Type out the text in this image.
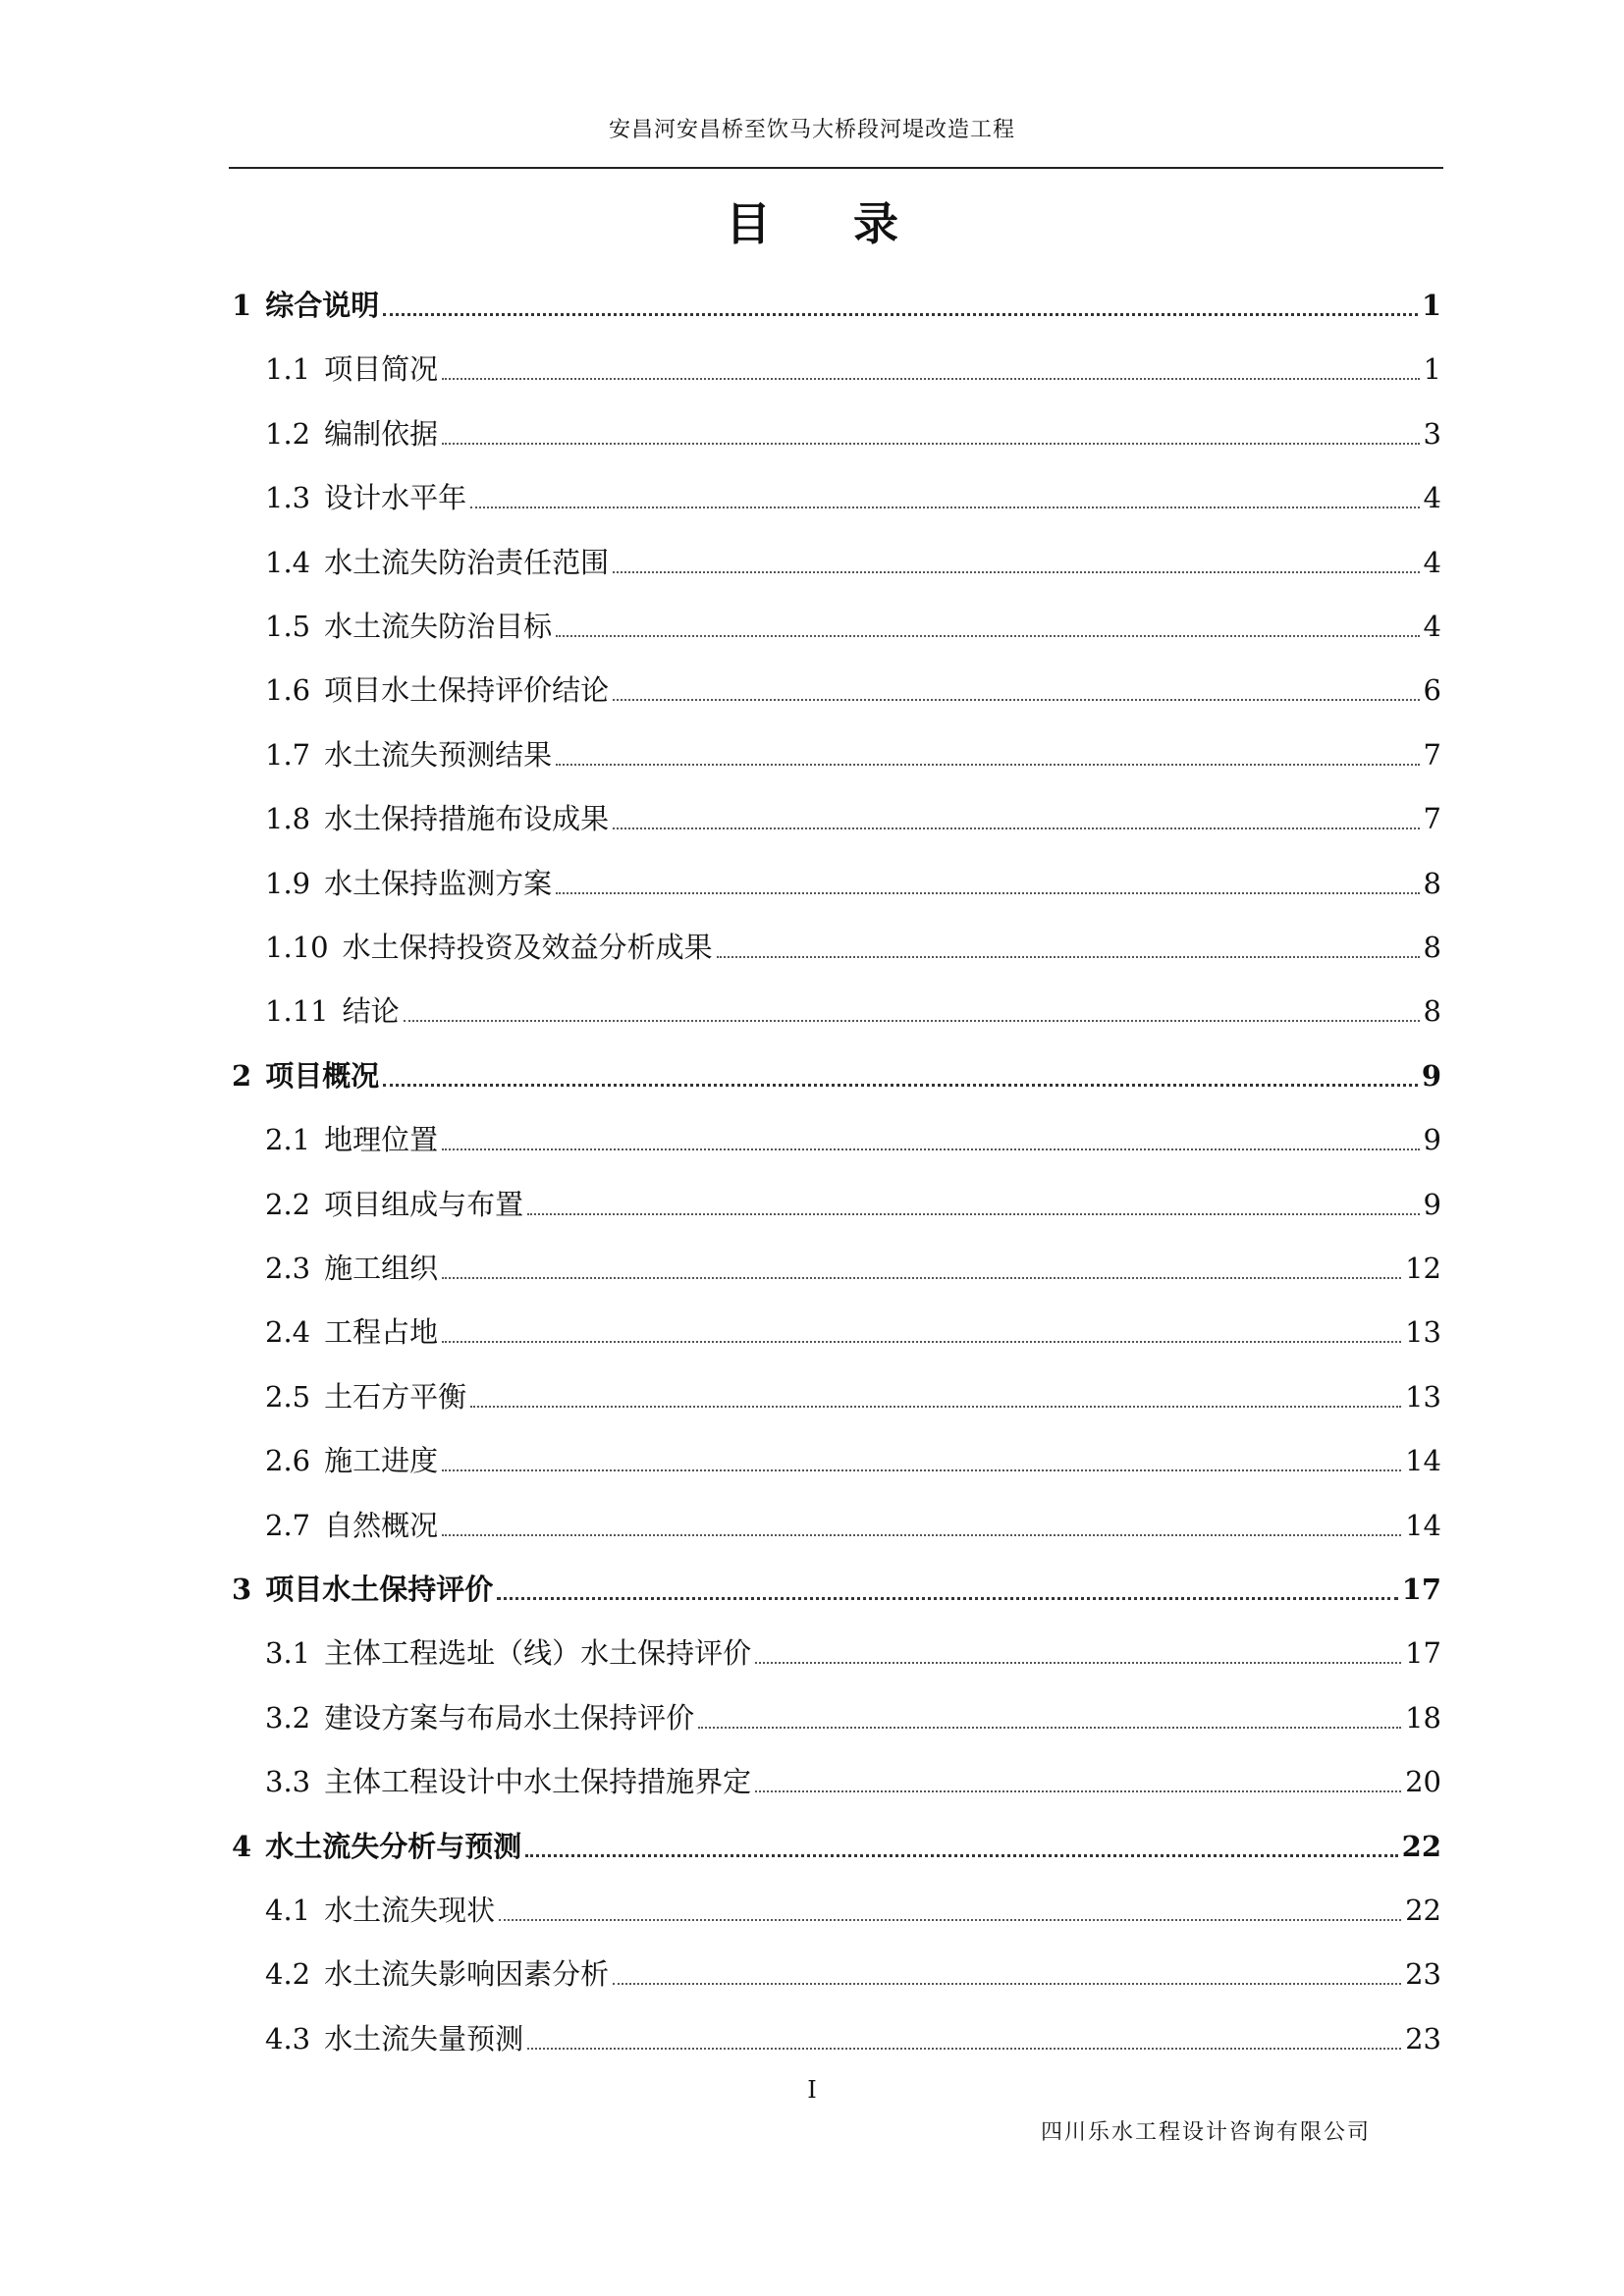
安昌河安昌桥至饮马大桥段河堤改造工程
目录
1 综合说明	1
1.1 项目简况	1
1.2 编制依据	3
1.3 设计水平年	4
1.4 水土流失防治责任范围	4
1.5 水土流失防治目标	4
1.6 项目水土保持评价结论	6
1.7 水土流失预测结果	7
1.8 水土保持措施布设成果	7
1.9 水土保持监测方案	8
1.10 水土保持投资及效益分析成果	8
1.11 结论	8
2 项目概况	9
2.1 地理位置	9
2.2 项目组成与布置	9
2.3 施工组织	12
2.4 工程占地	13
2.5 土石方平衡	13
2.6 施工进度	14
2.7 自然概况	14
3 项目水土保持评价	17
3.1 主体工程选址（线）水土保持评价	17
3.2 建设方案与布局水土保持评价	18
3.3 主体工程设计中水土保持措施界定	20
4 水土流失分析与预测	22
4.1 水土流失现状	22
4.2 水土流失影响因素分析	23
4.3 水土流失量预测	23
I
四川乐水工程设计咨询有限公司
